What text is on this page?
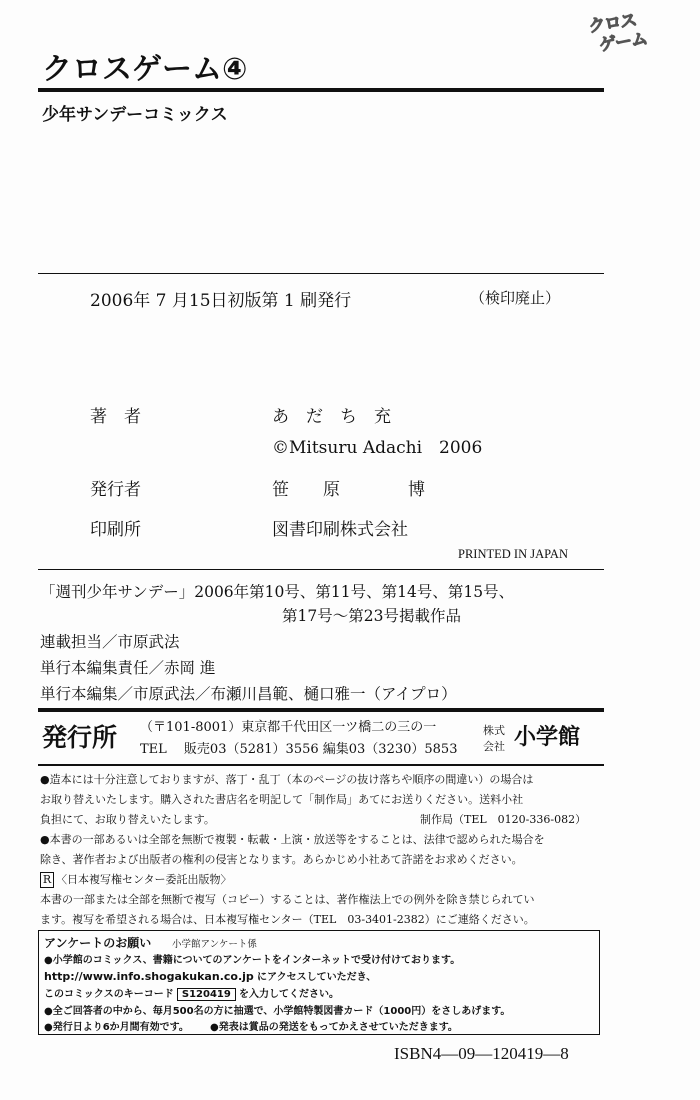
クロス
ゲーム
クロスゲーム④
少年サンデーコミックス
2006年 7 月15日初版第 1 刷発行	（検印廃止）
著　者	あ　だ　ち　充
©Mitsuru Adachi　2006
発行者	笹　　原　　　　博
印刷所	図書印刷株式会社
PRINTED IN JAPAN
「週刊少年サンデー」2006年第10号、第11号、第14号、第15号、
第17号～第23号掲載作品
連載担当／市原武法
単行本編集責任／赤岡 進
単行本編集／市原武法／布瀬川昌範、樋口雅一（アイプロ）
発行所 （〒101-8001）東京都千代田区一ツ橋二の三の一
TEL　 販売03（5281）3556 編集03（3230）5853
株式
会社 小学館
●造本には十分注意しておりますが、落丁・乱丁（本のページの抜け落ちや順序の間違い）の場合は
お取り替えいたします。購入された書店名を明記して「制作局」あてにお送りください。送料小社
負担にて、お取り替えいたします。	制作局（TEL　0120-336-082）
●本書の一部あるいは全部を無断で複製・転載・上演・放送等をすることは、法律で認められた場合を
除き、著作者および出版者の権利の侵害となります。あらかじめ小社あて許諾をお求めください。
R 〈日本複写権センター委託出版物〉
本書の一部または全部を無断で複写（コピー）することは、著作権法上での例外を除き禁じられてい
ます。複写を希望される場合は、日本複写権センター（TEL　03-3401-2382）にご連絡ください。
アンケートのお願い 小学館アンケート係
●小学館のコミックス、書籍についてのアンケートをインターネットで受け付けております。
http://www.info.shogakukan.co.jp にアクセスしていただき、
このコミックスのキーコード S120419 を入力してください。
●全ご回答者の中から、毎月500名の方に抽選で、小学館特製図書カード（1000円）をさしあげます。
●発行日より6か月間有効です。 ●発表は賞品の発送をもってかえさせていただきます。
ISBN4―09―120419―8
